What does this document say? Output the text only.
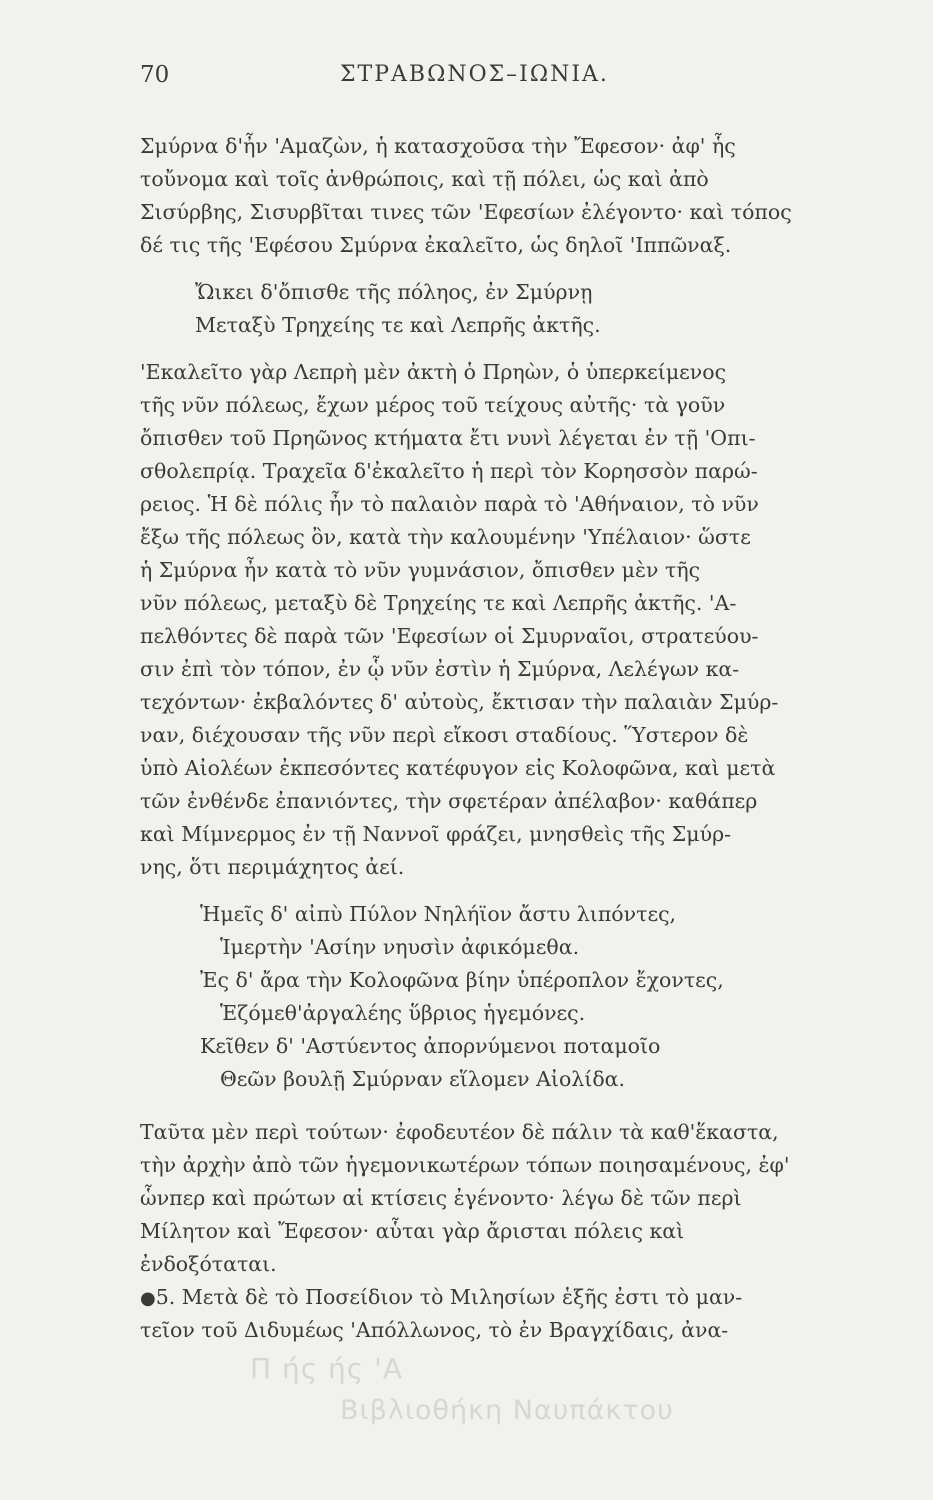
70	ΣΤΡΑΒΩΝΟΣ–ΙΩΝΙΑ.
Σμύρνα δ'ἦν 'Αμαζὼν, ἡ κατασχοῦσα τὴν Ἔφεσον· ἀφ' ἧς
τοὔνομα καὶ τοῖς ἀνθρώποις, καὶ τῇ πόλει, ὡς καὶ ἀπὸ
Σισύρβης, Σισυρβῖται τινες τῶν 'Εφεσίων ἐλέγοντο· καὶ τόπος
δέ τις τῆς 'Εφέσου Σμύρνα ἐκαλεῖτο, ὡς δηλοῖ 'Ιππῶναξ.
Ὤικει δ'ὄπισθε τῆς πόληος, ἐν Σμύρνῃ
Μεταξὺ Τρηχείης τε καὶ Λεπρῆς ἀκτῆς.
'Εκαλεῖτο γὰρ Λεπρὴ μὲν ἀκτὴ ὁ Πρηὼν, ὁ ὑπερκείμενος
τῆς νῦν πόλεως, ἔχων μέρος τοῦ τείχους αὐτῆς· τὰ γοῦν
ὄπισθεν τοῦ Πρηῶνος κτήματα ἔτι νυνὶ λέγεται ἐν τῇ 'Οπι-
σθολεπρίᾳ. Τραχεῖα δ'ἐκαλεῖτο ἡ περὶ τὸν Κορησσὸν παρώ-
ρειος. Ἡ δὲ πόλις ἦν τὸ παλαιὸν παρὰ τὸ 'Αθήναιον, τὸ νῦν
ἔξω τῆς πόλεως ὂν, κατὰ τὴν καλουμένην 'Υπέλαιον· ὥστε
ἡ Σμύρνα ἦν κατὰ τὸ νῦν γυμνάσιον, ὄπισθεν μὲν τῆς
νῦν πόλεως, μεταξὺ δὲ Τρηχείης τε καὶ Λεπρῆς ἀκτῆς. 'Α-
πελθόντες δὲ παρὰ τῶν 'Εφεσίων οἱ Σμυρναῖοι, στρατεύου-
σιν ἐπὶ τὸν τόπον, ἐν ᾧ νῦν ἐστὶν ἡ Σμύρνα, Λελέγων κα-
τεχόντων· ἐκβαλόντες δ' αὐτοὺς, ἔκτισαν τὴν παλαιὰν Σμύρ-
ναν, διέχουσαν τῆς νῦν περὶ εἴκοσι σταδίους. Ὕστερον δὲ
ὑπὸ Αἰολέων ἐκπεσόντες κατέφυγον εἰς Κολοφῶνα, καὶ μετὰ
τῶν ἐνθένδε ἐπανιόντες, τὴν σφετέραν ἀπέλαβον· καθάπερ
καὶ Μίμνερμος ἐν τῇ Ναννοῖ φράζει, μνησθεὶς τῆς Σμύρ-
νης, ὅτι περιμάχητος ἀεί.
Ἡμεῖς δ' αἰπὺ Πύλον Νηλήϊον ἄστυ λιπόντες,
Ἱμερτὴν 'Ασίην νηυσὶν ἀφικόμεθα.
Ἐς δ' ἄρα τὴν Κολοφῶνα βίην ὑπέροπλον ἔχοντες,
Ἑζόμεθ'ἀργαλέης ὕβριος ἡγεμόνες.
Κεῖθεν δ' 'Αστύεντος ἀπορνύμενοι ποταμοῖο
Θεῶν βουλῇ Σμύρναν εἵλομεν Αἰολίδα.
Ταῦτα μὲν περὶ τούτων· ἐφοδευτέον δὲ πάλιν τὰ καθ'ἕκαστα,
τὴν ἀρχὴν ἀπὸ τῶν ἡγεμονικωτέρων τόπων ποιησαμένους, ἐφ'
ὧνπερ καὶ πρώτων αἱ κτίσεις ἐγένοντο· λέγω δὲ τῶν περὶ
Μίλητον καὶ Ἔφεσον· αὗται γὰρ ἄρισται πόλεις καὶ
ἐνδοξόταται.
●5. Μετὰ δὲ τὸ Ποσείδιον τὸ Μιλησίων ἑξῆς ἐστι τὸ μαν-
τεῖον τοῦ Διδυμέως 'Απόλλωνος, τὸ ἐν Βραγχίδαις, ἀνα-
Π ής ής 'Α
Βιβλιοθήκη Ναυπάκτου
